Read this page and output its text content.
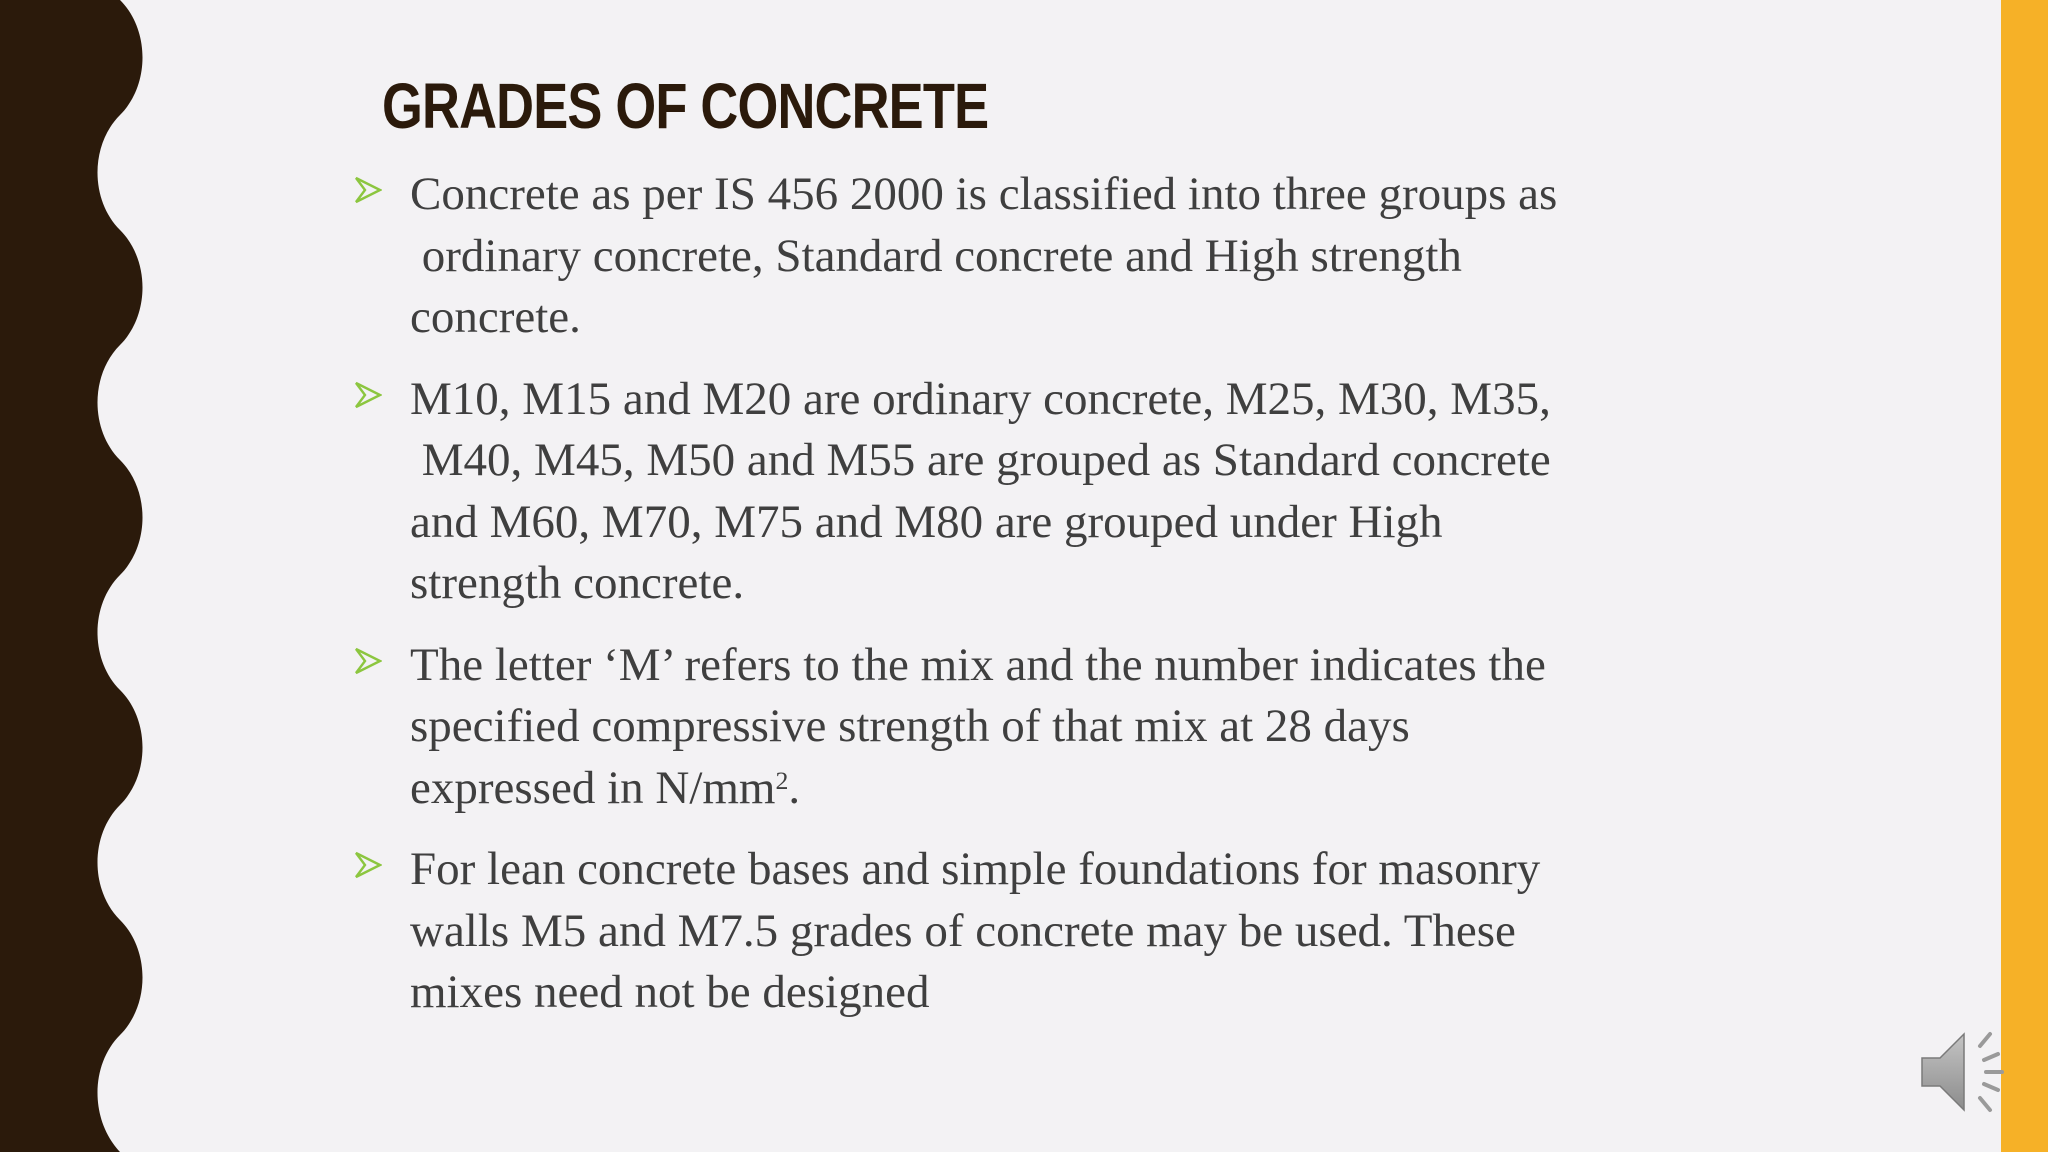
GRADES OF CONCRETE

Concrete as per IS 456 2000 is classified into three groups as
ordinary concrete, Standard concrete and High strength
concrete.

M10, M15 and M20 are ordinary concrete, M25, M30, M35,
M40, M45, M50 and M55 are grouped as Standard concrete
and M60, M70, M75 and M80 are grouped under High
strength concrete.

The letter ‘M’ refers to the mix and the number indicates the
specified compressive strength of that mix at 28 days
expressed in $N/mm^2$.

For lean concrete bases and simple foundations for masonry
walls M5 and M7.5 grades of concrete may be used. These
mixes need not be designed
